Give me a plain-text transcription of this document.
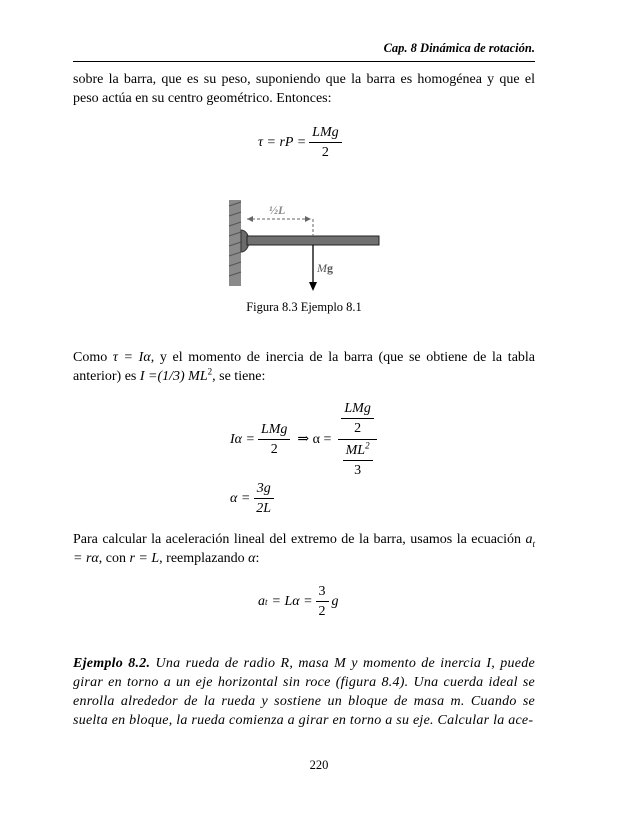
Cap. 8 Dinámica de rotación.

sobre la barra, que es su peso, suponiendo que la barra es homogénea y que el peso actúa en su centro geométrico. Entonces:

τ = rP = $\frac{\text{LMg}}{2}$
½L
Mg
Figura 8.3 Ejemplo 8.1

Como τ = Iα, y el momento de inercia de la barra (que se obtiene de la tabla anterior) es I =(1/3) $ML^2$, se tiene:

$I\alpha = \frac{\text{LMg}}{2}$ ⇒ $\alpha = \frac{\frac{\text{LMg}}{2}}{\frac{ML^2}{3}}$
$\alpha = \frac{3g}{2L}$

Para calcular la aceleración lineal del extremo de la barra, usamos la ecuación $a_t = r\alpha$, con r = L, reemplazando α:

a $t = L\alpha = \frac{3}{2}$ g

Ejemplo 8.2. Una rueda de radio R, masa M y momento de inercia I, puede girar en torno a un eje horizontal sin roce (figura 8.4). Una cuerda ideal se enrolla alrededor de la rueda y sostiene un bloque de masa m. Cuando se suelta en bloque, la rueda comienza a girar en torno a su eje. Calcular la ace-

220
